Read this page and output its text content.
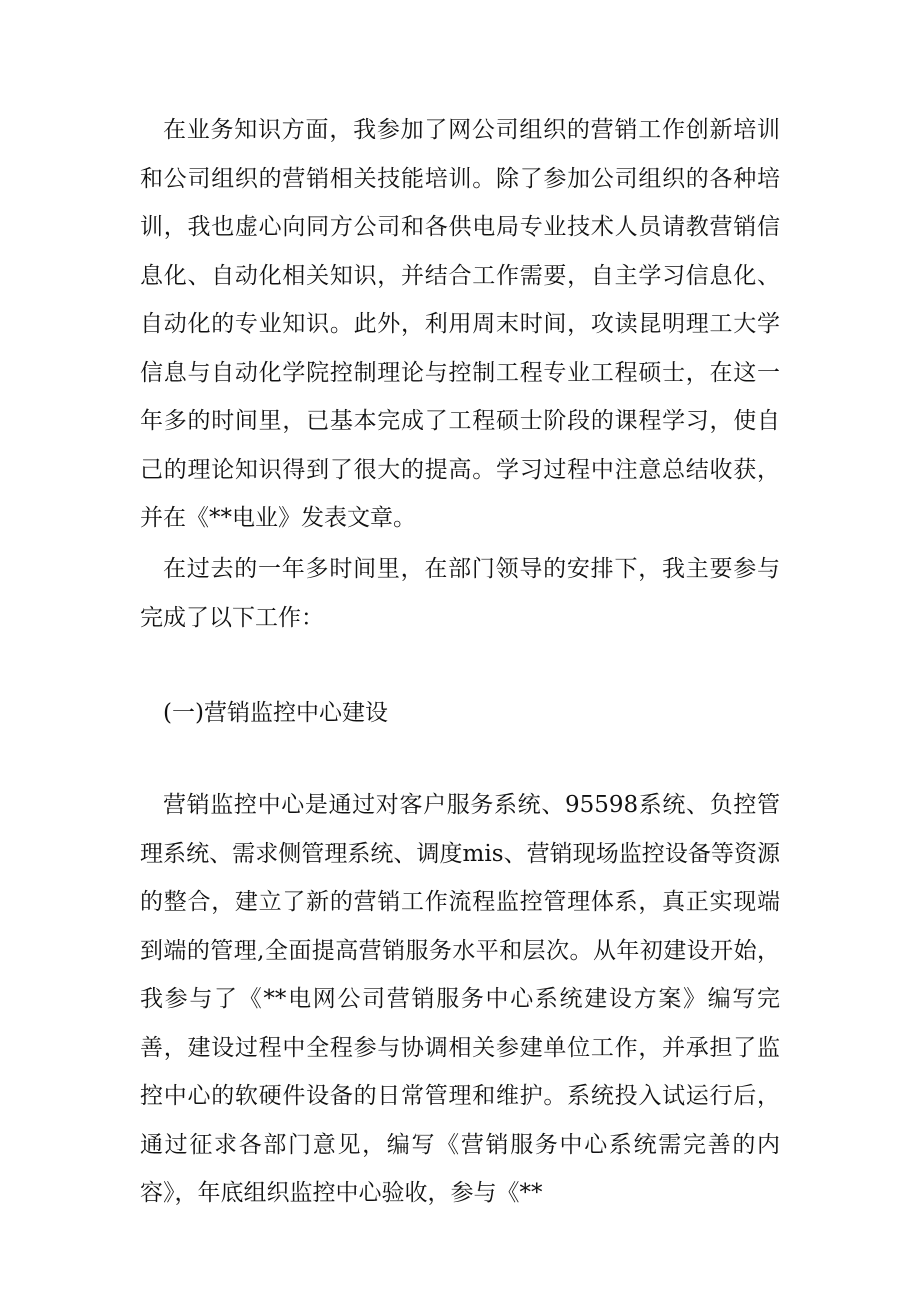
在业务知识方面，我参加了网公司组织的营销工作创新培训和公司组织的营销相关技能培训。除了参加公司组织的各种培训，我也虚心向同方公司和各供电局专业技术人员请教营销信息化、自动化相关知识，并结合工作需要，自主学习信息化、自动化的专业知识。此外，利用周末时间，攻读昆明理工大学信息与自动化学院控制理论与控制工程专业工程硕士，在这一年多的时间里，已基本完成了工程硕士阶段的课程学习，使自己的理论知识得到了很大的提高。学习过程中注意总结收获，并在《**电业》发表文章。

在过去的一年多时间里，在部门领导的安排下，我主要参与完成了以下工作：

(一)营销监控中心建设

营销监控中心是通过对客户服务系统、95598系统、负控管理系统、需求侧管理系统、调度mis、营销现场监控设备等资源的整合，建立了新的营销工作流程监控管理体系，真正实现端到端的管理,全面提高营销服务水平和层次。从年初建设开始，我参与了《**电网公司营销服务中心系统建设方案》编写完善，建设过程中全程参与协调相关参建单位工作，并承担了监控中心的软硬件设备的日常管理和维护。系统投入试运行后，通过征求各部门意见，编写《营销服务中心系统需完善的内容》，年底组织监控中心验收，参与《**
